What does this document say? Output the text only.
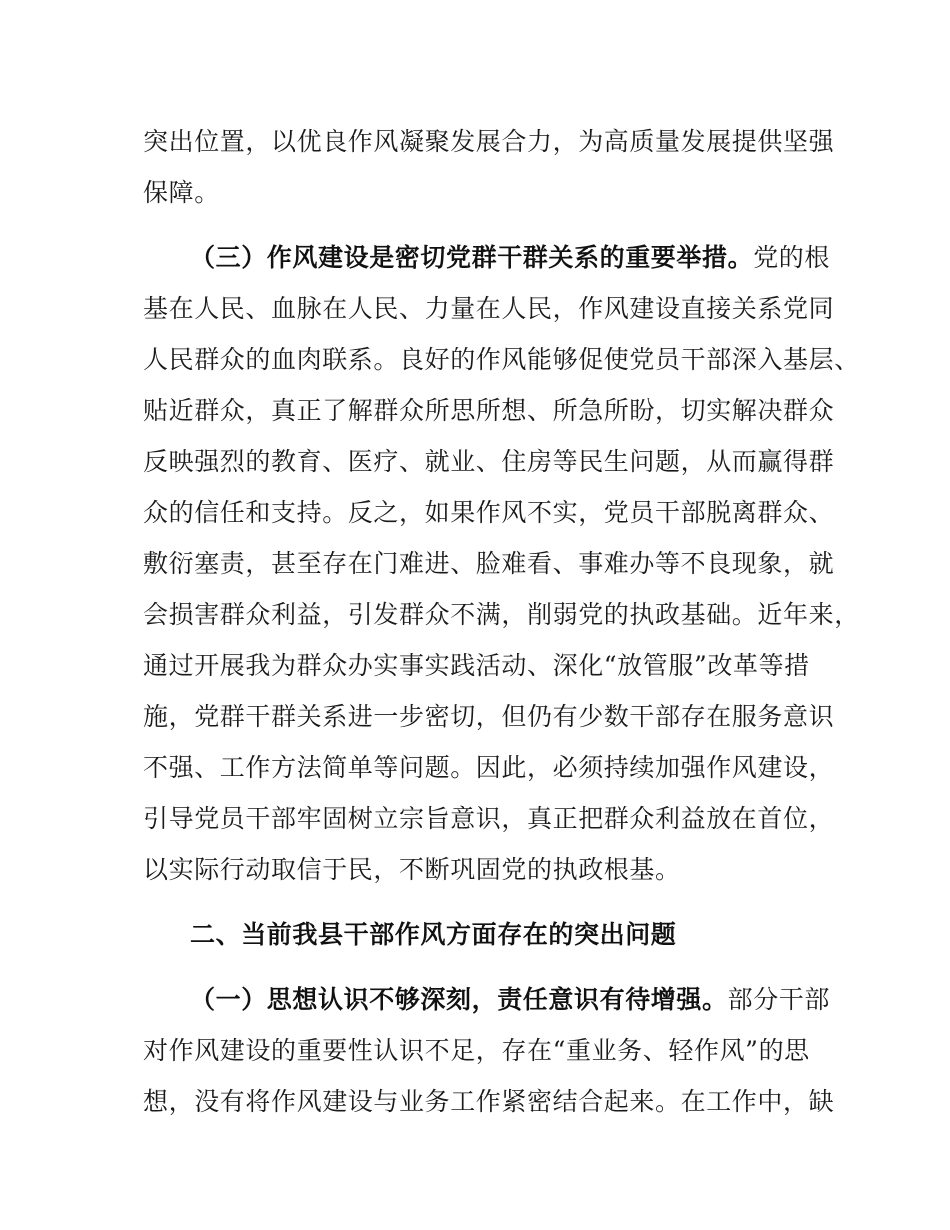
突出位置，以优良作风凝聚发展合力，为高质量发展提供坚强
保障。
（三）作风建设是密切党群干群关系的重要举措。党的根
基在人民、血脉在人民、力量在人民，作风建设直接关系党同
人民群众的血肉联系。良好的作风能够促使党员干部深入基层、
贴近群众，真正了解群众所思所想、所急所盼，切实解决群众
反映强烈的教育、医疗、就业、住房等民生问题，从而赢得群
众的信任和支持。反之，如果作风不实，党员干部脱离群众、
敷衍塞责，甚至存在门难进、脸难看、事难办等不良现象，就
会损害群众利益，引发群众不满，削弱党的执政基础。近年来，
通过开展我为群众办实事实践活动、深化“放管服”改革等措
施，党群干群关系进一步密切，但仍有少数干部存在服务意识
不强、工作方法简单等问题。因此，必须持续加强作风建设，
引导党员干部牢固树立宗旨意识，真正把群众利益放在首位，
以实际行动取信于民，不断巩固党的执政根基。
二、当前我县干部作风方面存在的突出问题
（一）思想认识不够深刻，责任意识有待增强。部分干部
对作风建设的重要性认识不足，存在“重业务、轻作风”的思
想，没有将作风建设与业务工作紧密结合起来。在工作中，缺
